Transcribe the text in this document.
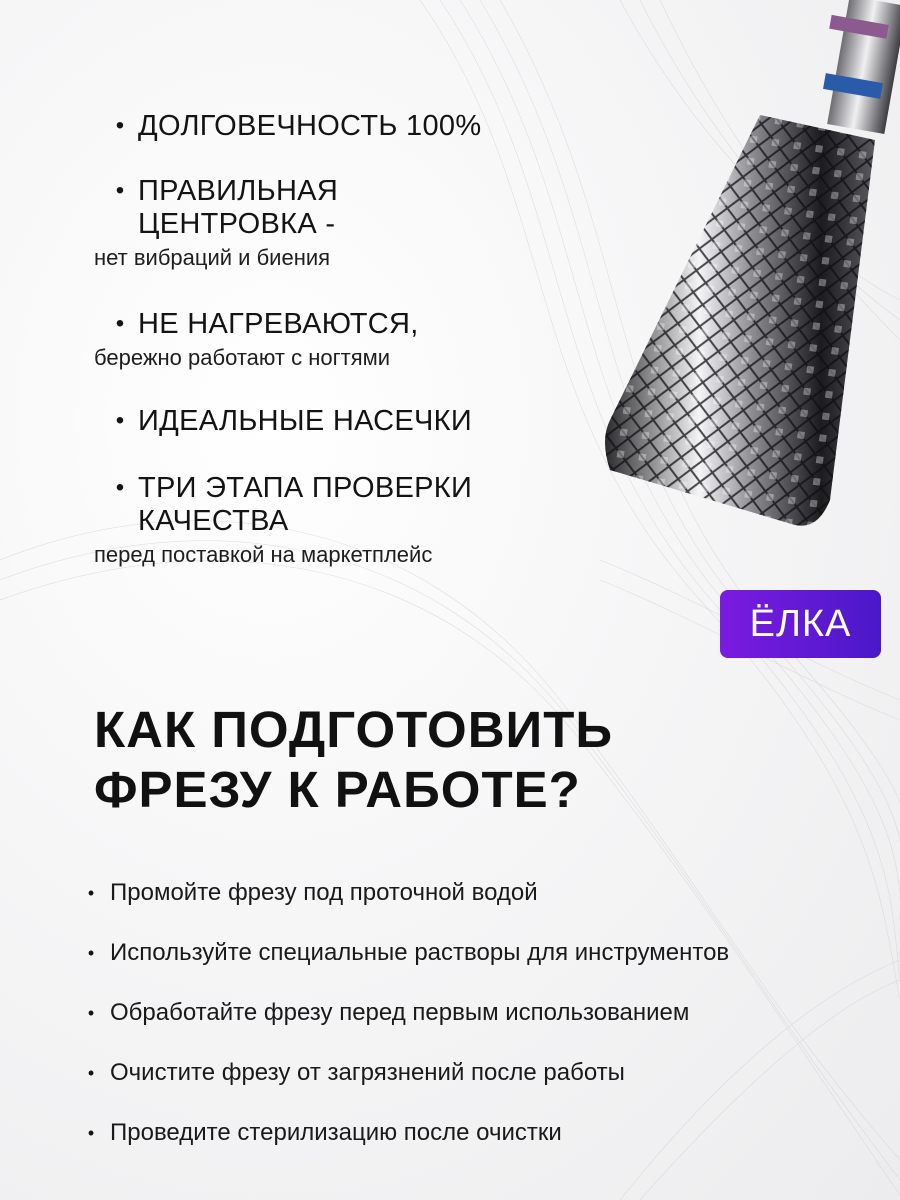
• ДОЛГОВЕЧНОСТЬ 100%
• ПРАВИЛЬНАЯ
ЦЕНТРОВКА -
нет вибраций и биения
• НЕ НАГРЕВАЮТСЯ,
бережно работают с ногтями
• ИДЕАЛЬНЫЕ НАСЕЧКИ
• ТРИ ЭТАПА ПРОВЕРКИ
КАЧЕСТВА
перед поставкой на маркетплейс
ЁЛКА
КАК ПОДГОТОВИТЬ
ФРЕЗУ К РАБОТЕ?
• Промойте фрезу под проточной водой
• Используйте специальные растворы для инструментов
• Обработайте фрезу перед первым использованием
• Очистите фрезу от загрязнений после работы
• Проведите стерилизацию после очистки
